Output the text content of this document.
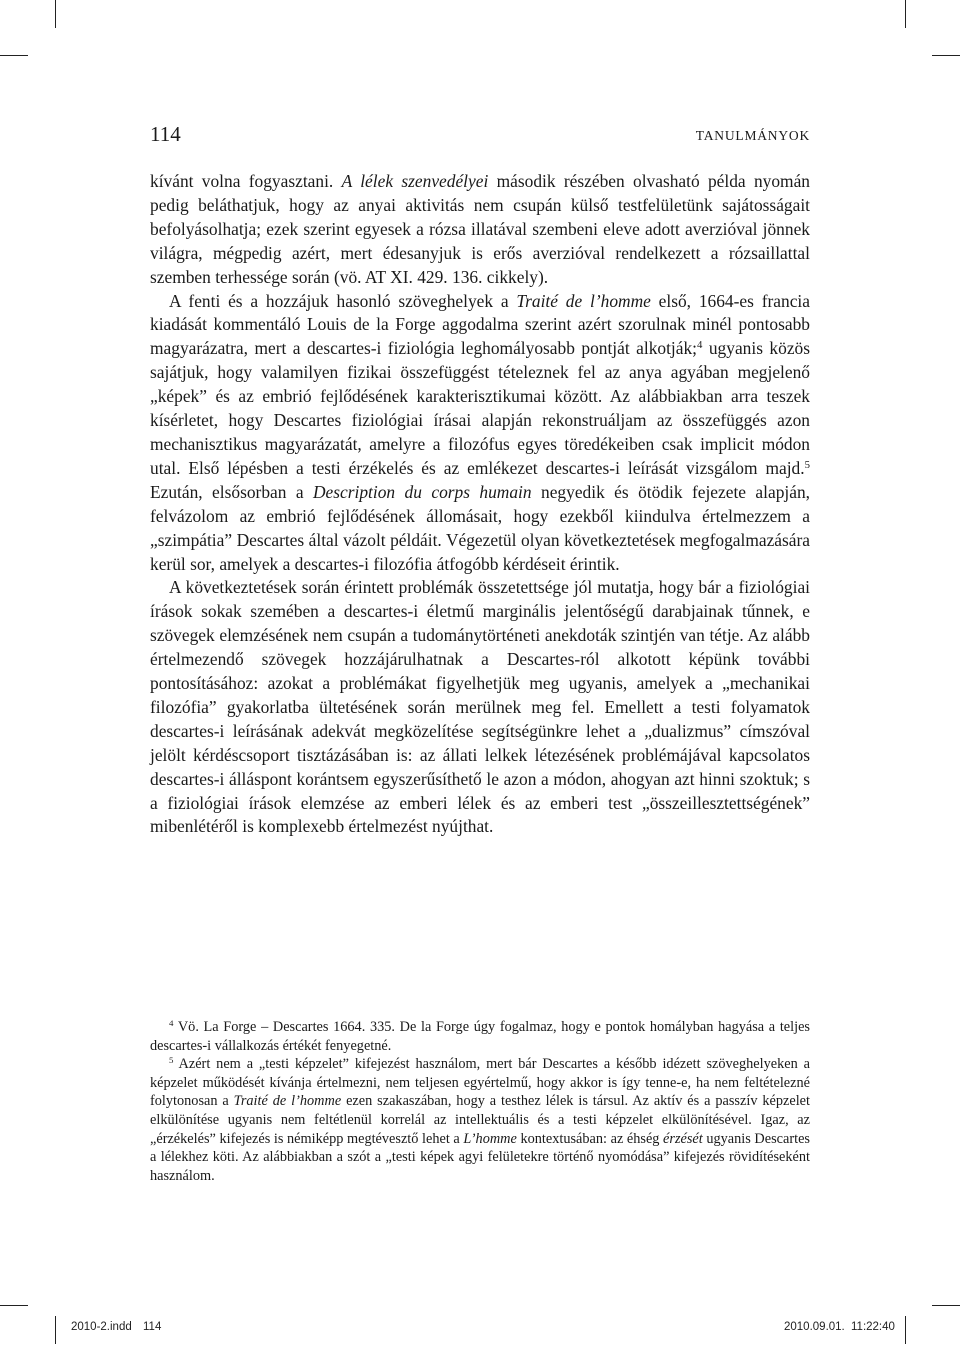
114	TANULMÁNYOK

kívánt volna fogyasztani. A lélek szenvedélyei második részében olvasható példa nyomán pedig beláthatjuk, hogy az anyai aktivitás nem csupán külső testfelületünk sajátosságait befolyásolhatja; ezek szerint egyesek a rózsa illatával szembeni eleve adott averzióval jönnek világra, mégpedig azért, mert édesanyjuk is erős averzióval rendelkezett a rózsaillattal szemben terhessége során (vö. AT XI. 429. 136. cikkely).

A fenti és a hozzájuk hasonló szöveghelyek a Traité de l’homme első, 1664-es francia kiadását kommentáló Louis de la Forge aggodalma szerint azért szorulnak minél pontosabb magyarázatra, mert a descartes-i fiziológia leghomályosabb pontját alkotják;$^4$ ugyanis közös sajátjuk, hogy valamilyen fizikai összefüggést tételeznek fel az anya agyában megjelenő „képek” és az embrió fejlődésének karakterisztikumai között. Az alábbiakban arra teszek kísérletet, hogy Descartes fiziológiai írásai alapján rekonstruáljam az összefüggés azon mechanisztikus magyarázatát, amelyre a filozófus egyes töredékeiben csak implicit módon utal. Első lépésben a testi érzékelés és az emlékezet descartes-i leírását vizsgálom majd.$^5$ Ezután, elsősorban a Description du corps humain negyedik és ötödik fejezete alapján, felvázolom az embrió fejlődésének állomásait, hogy ezekből kiindulva értelmezzem a „szimpátia” Descartes által vázolt példáit. Végezetül olyan következtetések megfogalmazására kerül sor, amelyek a descartes-i filozófia átfogóbb kérdéseit érintik.

A következtetések során érintett problémák összetettsége jól mutatja, hogy bár a fiziológiai írások sokak szemében a descartes-i életmű marginális jelentőségű darabjainak tűnnek, e szövegek elemzésének nem csupán a tudománytörténeti anekdoták szintjén van tétje. Az alább értelmezendő szövegek hozzájárulhatnak a Descartes-ról alkotott képünk további pontosításához: azokat a problémákat figyelhetjük meg ugyanis, amelyek a „mechanikai filozófia” gyakorlatba ültetésének során merülnek meg fel. Emellett a testi folyamatok descartes-i leírásának adekvát megközelítése segítségünkre lehet a „dualizmus” címszóval jelölt kérdéscsoport tisztázásában is: az állati lelkek létezésének problémájával kapcsolatos descartes-i álláspont korántsem egyszerűsíthető le azon a módon, ahogyan azt hinni szoktuk; s a fiziológiai írások elemzése az emberi lélek és az emberi test „összeillesztettségének” mibenlétéről is komplexebb értelmezést nyújthat.

$^4$ Vö. La Forge – Descartes 1664. 335. De la Forge úgy fogalmaz, hogy e pontok homályban hagyása a teljes descartes-i vállalkozás értékét fenyegetné.

$^5$ Azért nem a „testi képzelet” kifejezést használom, mert bár Descartes a később idézett szöveghelyeken a képzelet működését kívánja értelmezni, nem teljesen egyértelmű, hogy akkor is így tenne-e, ha nem feltételezné folytonosan a Traité de l’homme ezen szakaszában, hogy a testhez lélek is társul. Az aktív és a passzív képzelet elkülönítése ugyanis nem feltétlenül korrelál az intellektuális és a testi képzelet elkülönítésével. Igaz, az „érzékelés” kifejezés is némiképp megtévesztő lehet a L’homme kontextusában: az éhség érzését ugyanis Descartes a lélekhez köti. Az alábbiakban a szót a „testi képek agyi felületekre történő nyomódása” kifejezés rövidítéseként használom.

2010-2.indd 114	2010.09.01. 11:22:40
